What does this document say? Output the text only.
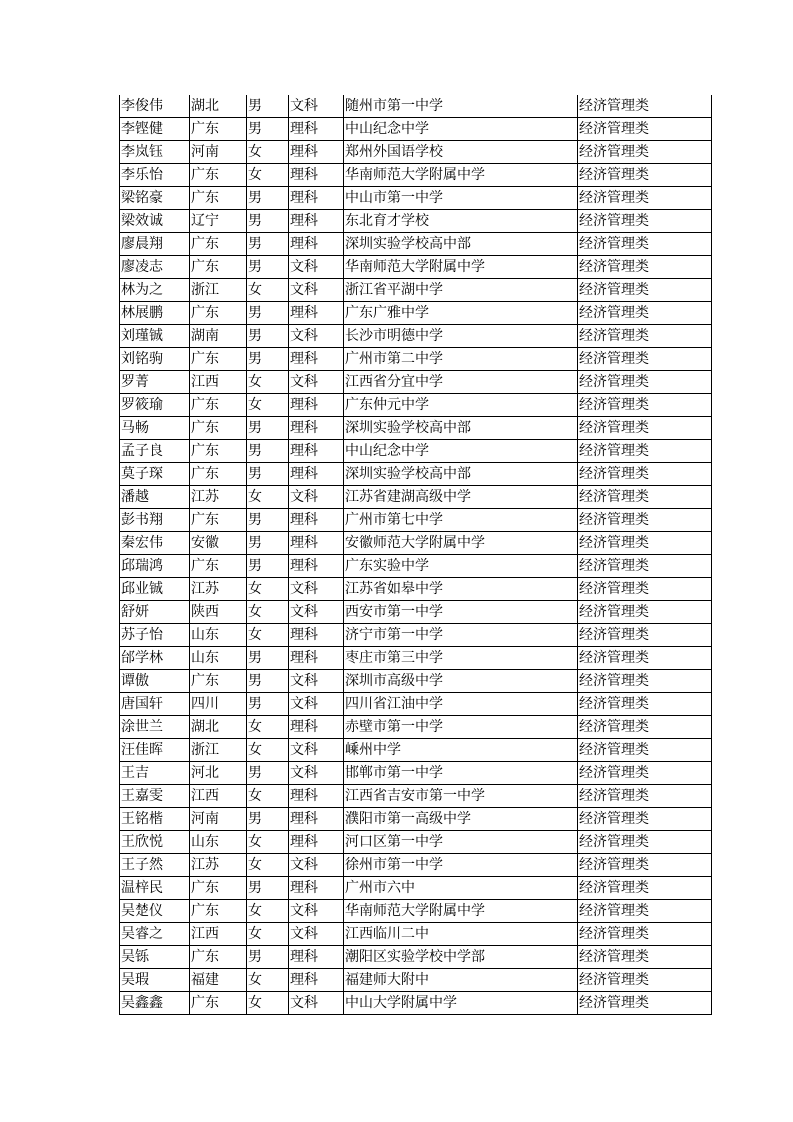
李俊伟	湖北	男	文科	随州市第一中学	经济管理类
李铿健	广东	男	理科	中山纪念中学	经济管理类
李岚钰	河南	女	理科	郑州外国语学校	经济管理类
李乐怡	广东	女	理科	华南师范大学附属中学	经济管理类
梁铭豪	广东	男	理科	中山市第一中学	经济管理类
梁效诚	辽宁	男	理科	东北育才学校	经济管理类
廖晨翔	广东	男	理科	深圳实验学校高中部	经济管理类
廖凌志	广东	男	文科	华南师范大学附属中学	经济管理类
林为之	浙江	女	文科	浙江省平湖中学	经济管理类
林展鹏	广东	男	理科	广东广雅中学	经济管理类
刘瑾铖	湖南	男	文科	长沙市明德中学	经济管理类
刘铭驹	广东	男	理科	广州市第二中学	经济管理类
罗菁	江西	女	文科	江西省分宜中学	经济管理类
罗筱瑜	广东	女	理科	广东仲元中学	经济管理类
马畅	广东	男	理科	深圳实验学校高中部	经济管理类
孟子良	广东	男	理科	中山纪念中学	经济管理类
莫子琛	广东	男	理科	深圳实验学校高中部	经济管理类
潘越	江苏	女	文科	江苏省建湖高级中学	经济管理类
彭书翔	广东	男	理科	广州市第七中学	经济管理类
秦宏伟	安徽	男	理科	安徽师范大学附属中学	经济管理类
邱瑞鸿	广东	男	理科	广东实验中学	经济管理类
邱业铖	江苏	女	文科	江苏省如皋中学	经济管理类
舒妍	陕西	女	文科	西安市第一中学	经济管理类
苏子怡	山东	女	理科	济宁市第一中学	经济管理类
邰学林	山东	男	理科	枣庄市第三中学	经济管理类
谭傲	广东	男	文科	深圳市高级中学	经济管理类
唐国轩	四川	男	文科	四川省江油中学	经济管理类
涂世兰	湖北	女	理科	赤壁市第一中学	经济管理类
汪佳晖	浙江	女	文科	嵊州中学	经济管理类
王吉	河北	男	文科	邯郸市第一中学	经济管理类
王嘉雯	江西	女	理科	江西省吉安市第一中学	经济管理类
王铭楷	河南	男	理科	濮阳市第一高级中学	经济管理类
王欣悦	山东	女	理科	河口区第一中学	经济管理类
王子然	江苏	女	文科	徐州市第一中学	经济管理类
温梓民	广东	男	理科	广州市六中	经济管理类
吴楚仪	广东	女	文科	华南师范大学附属中学	经济管理类
吴睿之	江西	女	文科	江西临川二中	经济管理类
吴铄	广东	男	理科	潮阳区实验学校中学部	经济管理类
吴瑕	福建	女	理科	福建师大附中	经济管理类
吴鑫鑫	广东	女	文科	中山大学附属中学	经济管理类
